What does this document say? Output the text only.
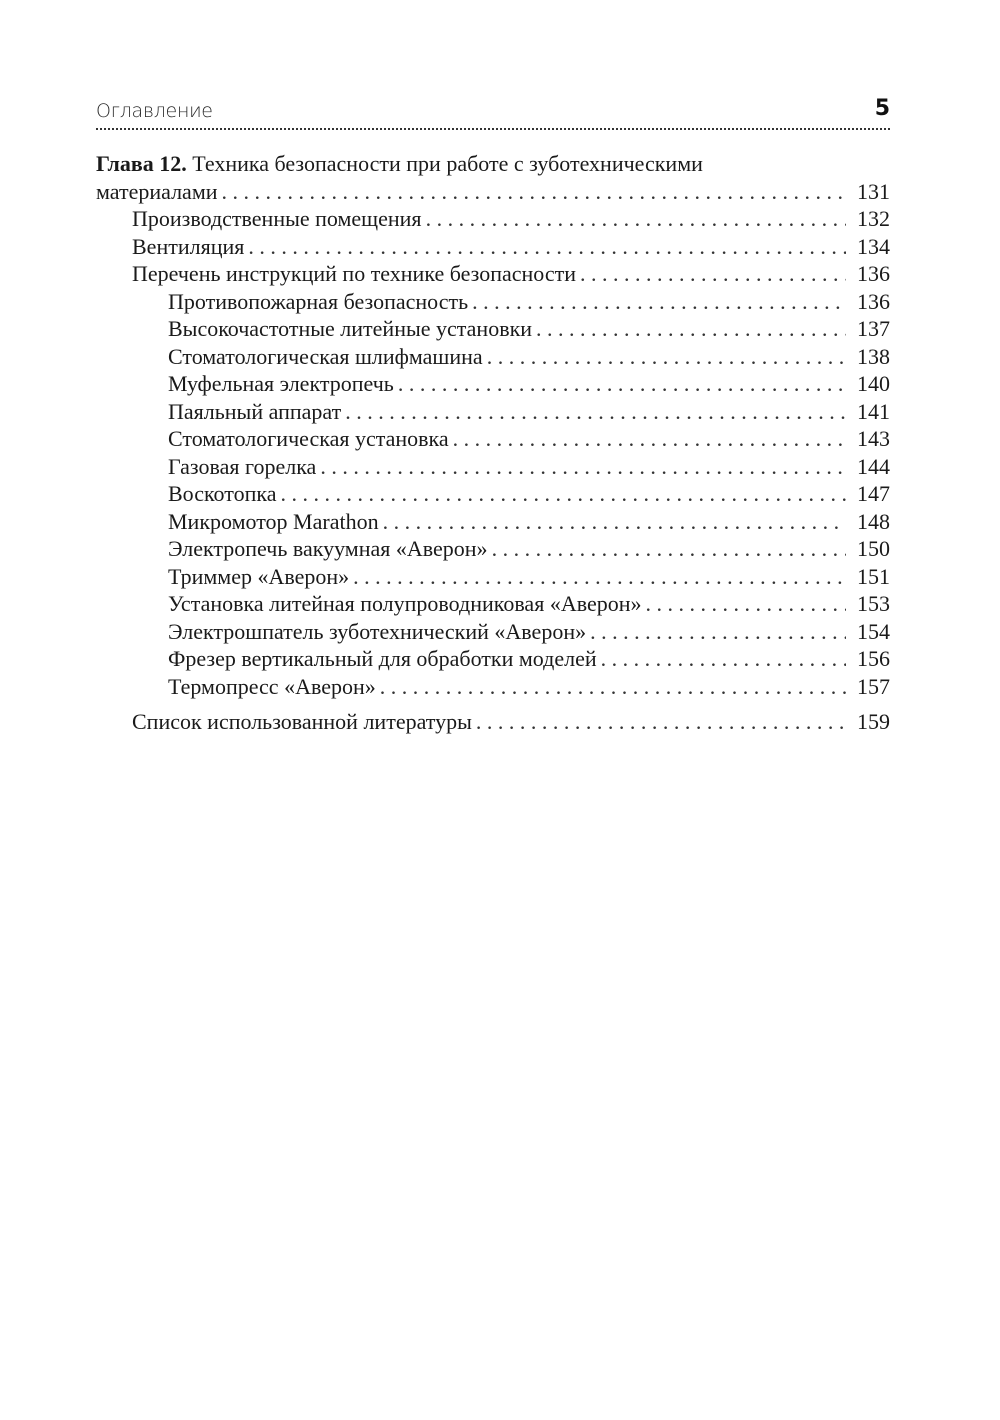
Оглавление	5
Глава 12. Техника безопасности при работе с зуботехническими
материалами . . .	131
Производственные помещения . . .	132
Вентиляция . . .	134
Перечень инструкций по технике безопасности . . .	136
Противопожарная безопасность . . .	136
Высокочастотные литейные установки . . .	137
Стоматологическая шлифмашина . . .	138
Муфельная электропечь . . .	140
Паяльный аппарат . . .	141
Стоматологическая установка . . .	143
Газовая горелка . . .	144
Воскотопка . . .	147
Микромотор Marathon . . .	148
Электропечь вакуумная «Аверон» . . .	150
Триммер «Аверон» . . .	151
Установка литейная полупроводниковая «Аверон» . . .	153
Электрошпатель зуботехнический «Аверон» . . .	154
Фрезер вертикальный для обработки моделей . . .	156
Термопресс «Аверон» . . .	157
Список использованной литературы . . .	159
